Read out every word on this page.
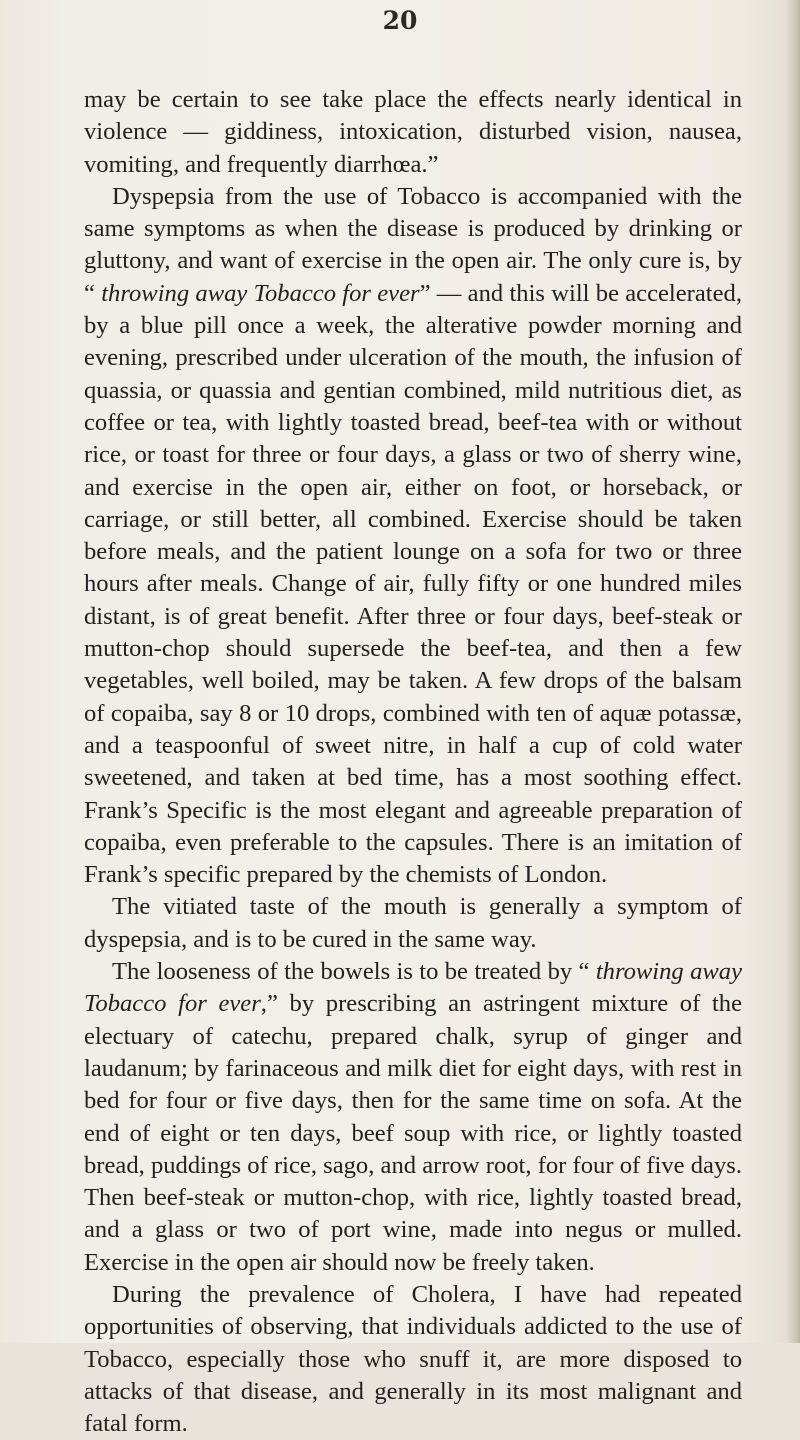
20

may be certain to see take place the effects nearly identical in violence — giddiness, intoxication, disturbed vision, nausea, vomiting, and frequently diarrhœa.”

Dyspepsia from the use of Tobacco is accompanied with the same symptoms as when the disease is produced by drinking or gluttony, and want of exercise in the open air. The only cure is, by “ throwing away Tobacco for ever” — and this will be accelerated, by a blue pill once a week, the alterative powder morning and evening, prescribed under ulceration of the mouth, the infusion of quassia, or quassia and gentian combined, mild nutritious diet, as coffee or tea, with lightly toasted bread, beef-tea with or without rice, or toast for three or four days, a glass or two of sherry wine, and exercise in the open air, either on foot, or horseback, or carriage, or still better, all combined. Exercise should be taken before meals, and the patient lounge on a sofa for two or three hours after meals. Change of air, fully fifty or one hundred miles distant, is of great benefit. After three or four days, beef-steak or mutton-chop should supersede the beef-tea, and then a few vegetables, well boiled, may be taken. A few drops of the balsam of copaiba, say 8 or 10 drops, combined with ten of aquæ potassæ, and a teaspoonful of sweet nitre, in half a cup of cold water sweetened, and taken at bed time, has a most soothing effect. Frank’s Specific is the most elegant and agreeable preparation of copaiba, even preferable to the capsules. There is an imitation of Frank’s specific prepared by the chemists of London.

The vitiated taste of the mouth is generally a symptom of dyspepsia, and is to be cured in the same way.

The looseness of the bowels is to be treated by “ throwing away Tobacco for ever,” by prescribing an astringent mixture of the electuary of catechu, prepared chalk, syrup of ginger and laudanum; by farinaceous and milk diet for eight days, with rest in bed for four or five days, then for the same time on sofa. At the end of eight or ten days, beef soup with rice, or lightly toasted bread, puddings of rice, sago, and arrow root, for four of five days. Then beef-steak or mutton-chop, with rice, lightly toasted bread, and a glass or two of port wine, made into negus or mulled. Exercise in the open air should now be freely taken.

During the prevalence of Cholera, I have had repeated opportunities of observing, that individuals addicted to the use of Tobacco, especially those who snuff it, are more disposed to attacks of that disease, and generally in its most malignant and fatal form.
